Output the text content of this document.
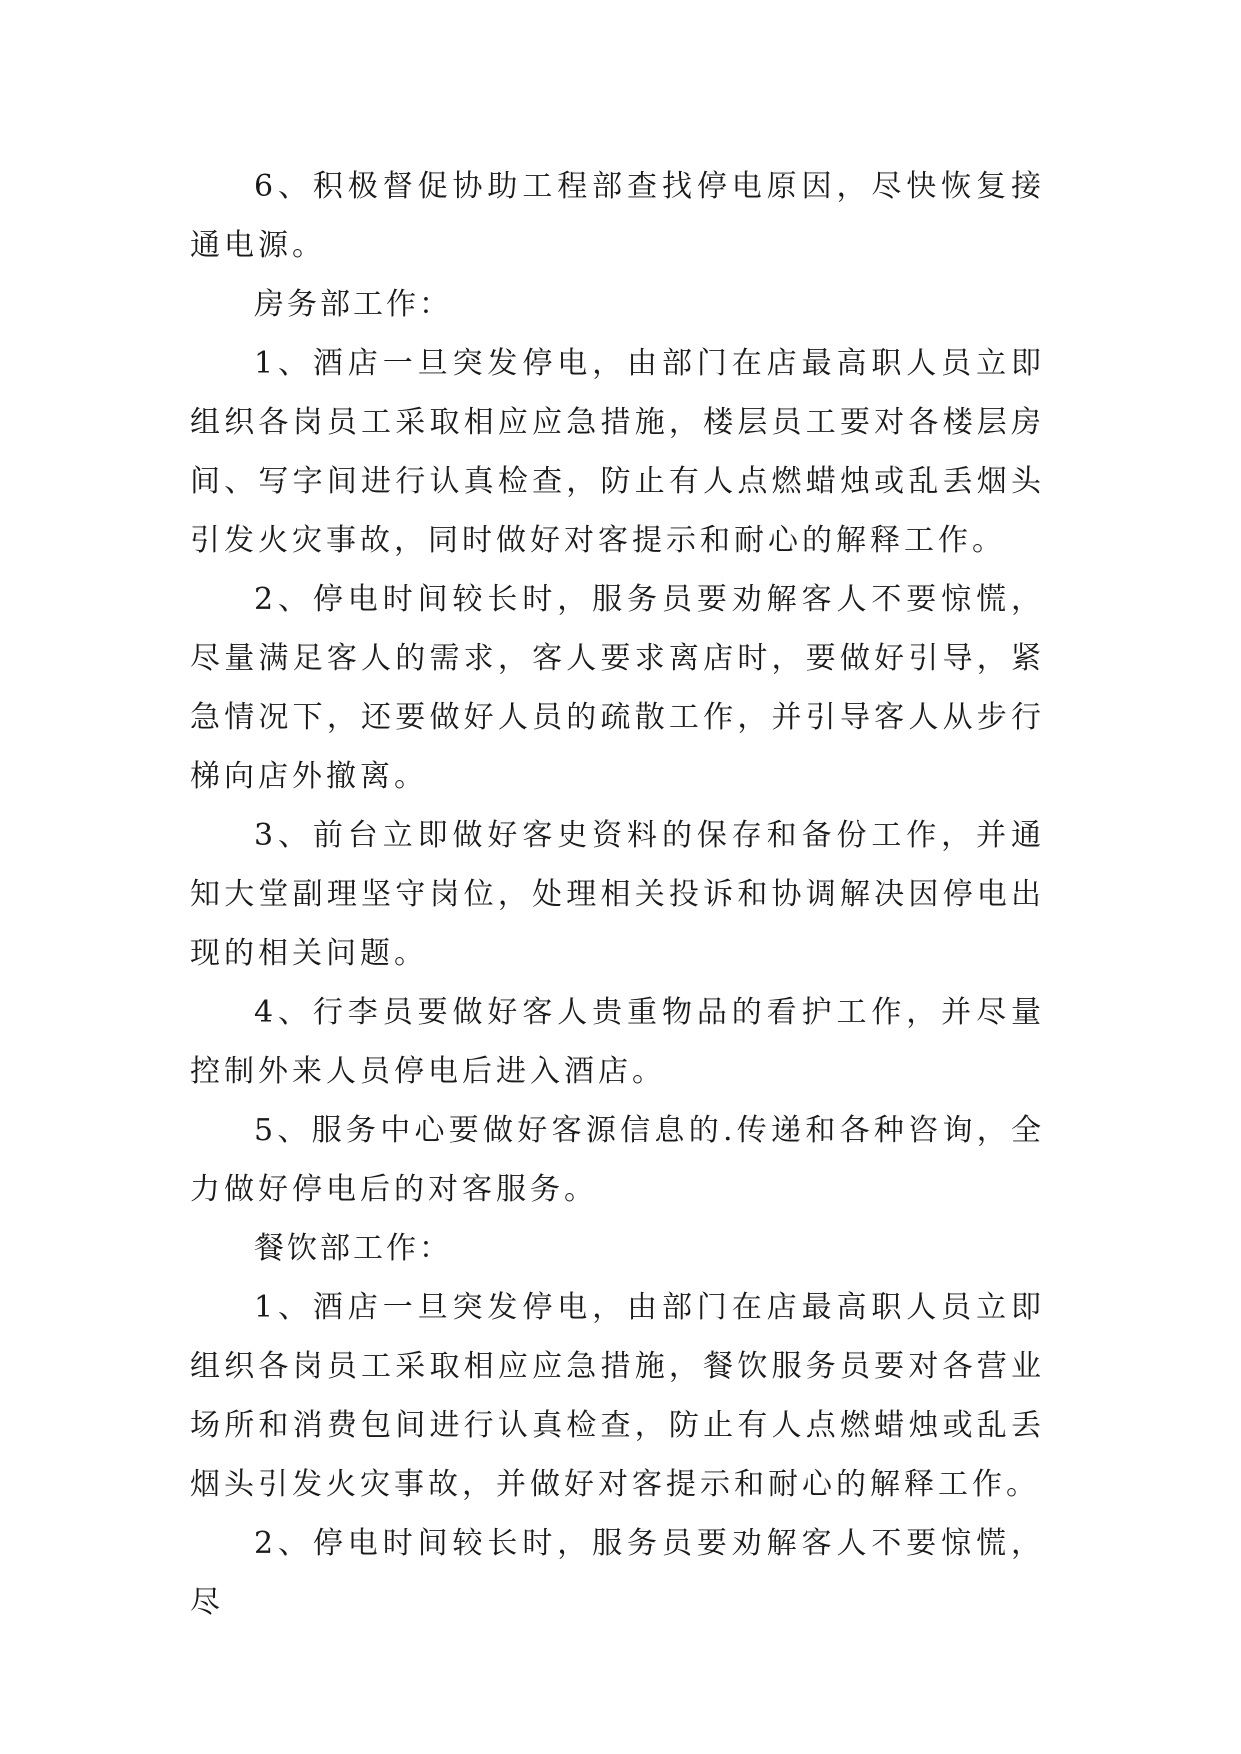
6、积极督促协助工程部查找停电原因，尽快恢复接通电源。

房务部工作：

1、酒店一旦突发停电，由部门在店最高职人员立即组织各岗员工采取相应应急措施，楼层员工要对各楼层房间、写字间进行认真检查，防止有人点燃蜡烛或乱丢烟头引发火灾事故，同时做好对客提示和耐心的解释工作。

2、停电时间较长时，服务员要劝解客人不要惊慌，尽量满足客人的需求，客人要求离店时，要做好引导，紧急情况下，还要做好人员的疏散工作，并引导客人从步行梯向店外撤离。

3、前台立即做好客史资料的保存和备份工作，并通知大堂副理坚守岗位，处理相关投诉和协调解决因停电出现的相关问题。

4、行李员要做好客人贵重物品的看护工作，并尽量控制外来人员停电后进入酒店。

5、服务中心要做好客源信息的.传递和各种咨询，全力做好停电后的对客服务。

餐饮部工作：

1、酒店一旦突发停电，由部门在店最高职人员立即组织各岗员工采取相应应急措施，餐饮服务员要对各营业场所和消费包间进行认真检查，防止有人点燃蜡烛或乱丢烟头引发火灾事故，并做好对客提示和耐心的解释工作。

2、停电时间较长时，服务员要劝解客人不要惊慌，尽
